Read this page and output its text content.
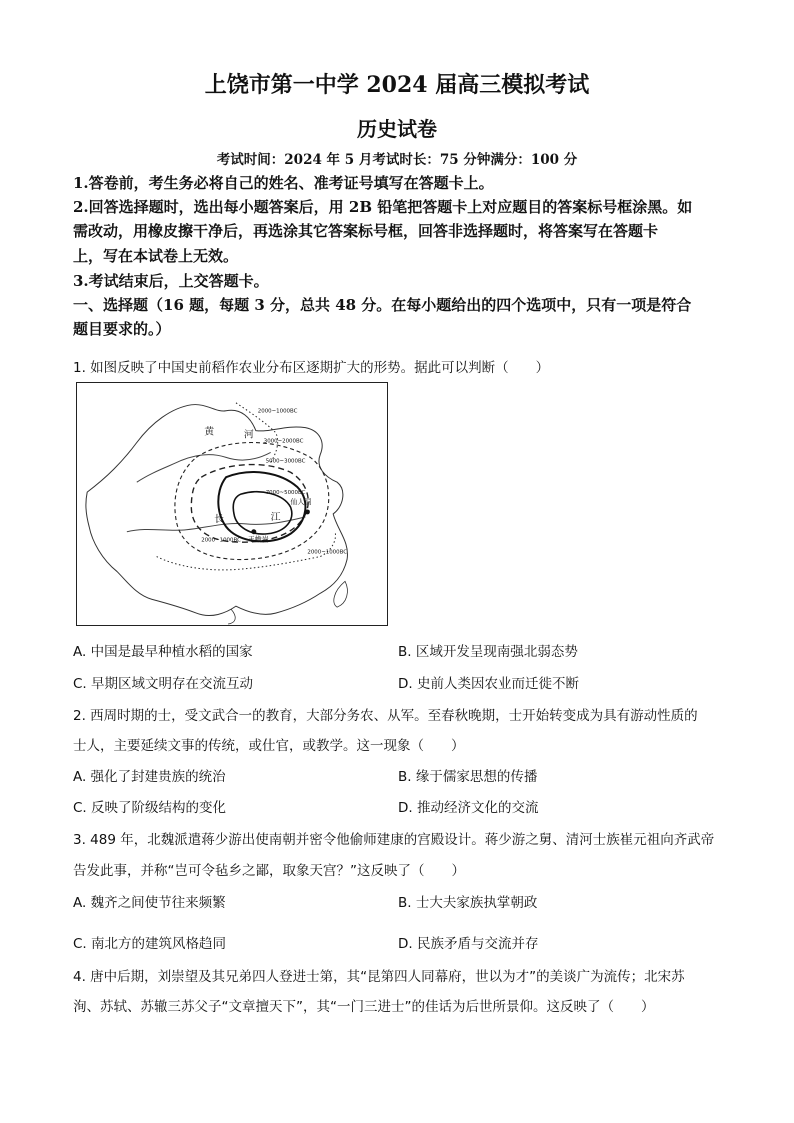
上饶市第一中学 2024 届高三模拟考试
历史试卷
考试时间：2024 年 5 月考试时长：75 分钟满分：100 分
1.答卷前，考生务必将自己的姓名、准考证号填写在答题卡上。
2.回答选择题时，选出每小题答案后，用 2B 铅笔把答题卡上对应题目的答案标号框涂黑。如
需改动，用橡皮擦干净后，再选涂其它答案标号框，回答非选择题时，将答案写在答题卡
上，写在本试卷上无效。
3.考试结束后，上交答题卡。
一、选择题（16 题，每题 3 分，总共 48 分。在每小题给出的四个选项中，只有一项是符合
题目要求的。）
1. 如图反映了中国史前稻作农业分布区逐期扩大的形势。据此可以判断（　　）
黄	河
长	江
仙人洞
玉蟾岩
2000~1000BC
3000~2000BC
5000~3000BC
7000~5000BC
2000~1000BC
2000~1000BC
A. 中国是最早种植水稻的国家	B. 区域开发呈现南强北弱态势
C. 早期区域文明存在交流互动	D. 史前人类因农业而迁徙不断
2. 西周时期的士，受文武合一的教育，大部分务农、从军。至春秋晚期，士开始转变成为具有游动性质的
士人，主要延续文事的传统，或仕官，或教学。这一现象（　　）
A. 强化了封建贵族的统治	B. 缘于儒家思想的传播
C. 反映了阶级结构的变化	D. 推动经济文化的交流
3. 489 年，北魏派遣蒋少游出使南朝并密令他偷师建康的宫殿设计。蒋少游之舅、清河士族崔元祖向齐武帝
告发此事，并称“岂可令毡乡之鄙，取象天宫？”这反映了（　　）
A. 魏齐之间使节往来频繁	B. 士大夫家族执掌朝政
C. 南北方的建筑风格趋同	D. 民族矛盾与交流并存
4. 唐中后期，刘崇望及其兄弟四人登进士第，其“昆第四人同幕府，世以为才”的美谈广为流传；北宋苏
洵、苏轼、苏辙三苏父子“文章擅天下”，其“一门三进士”的佳话为后世所景仰。这反映了（　　）
